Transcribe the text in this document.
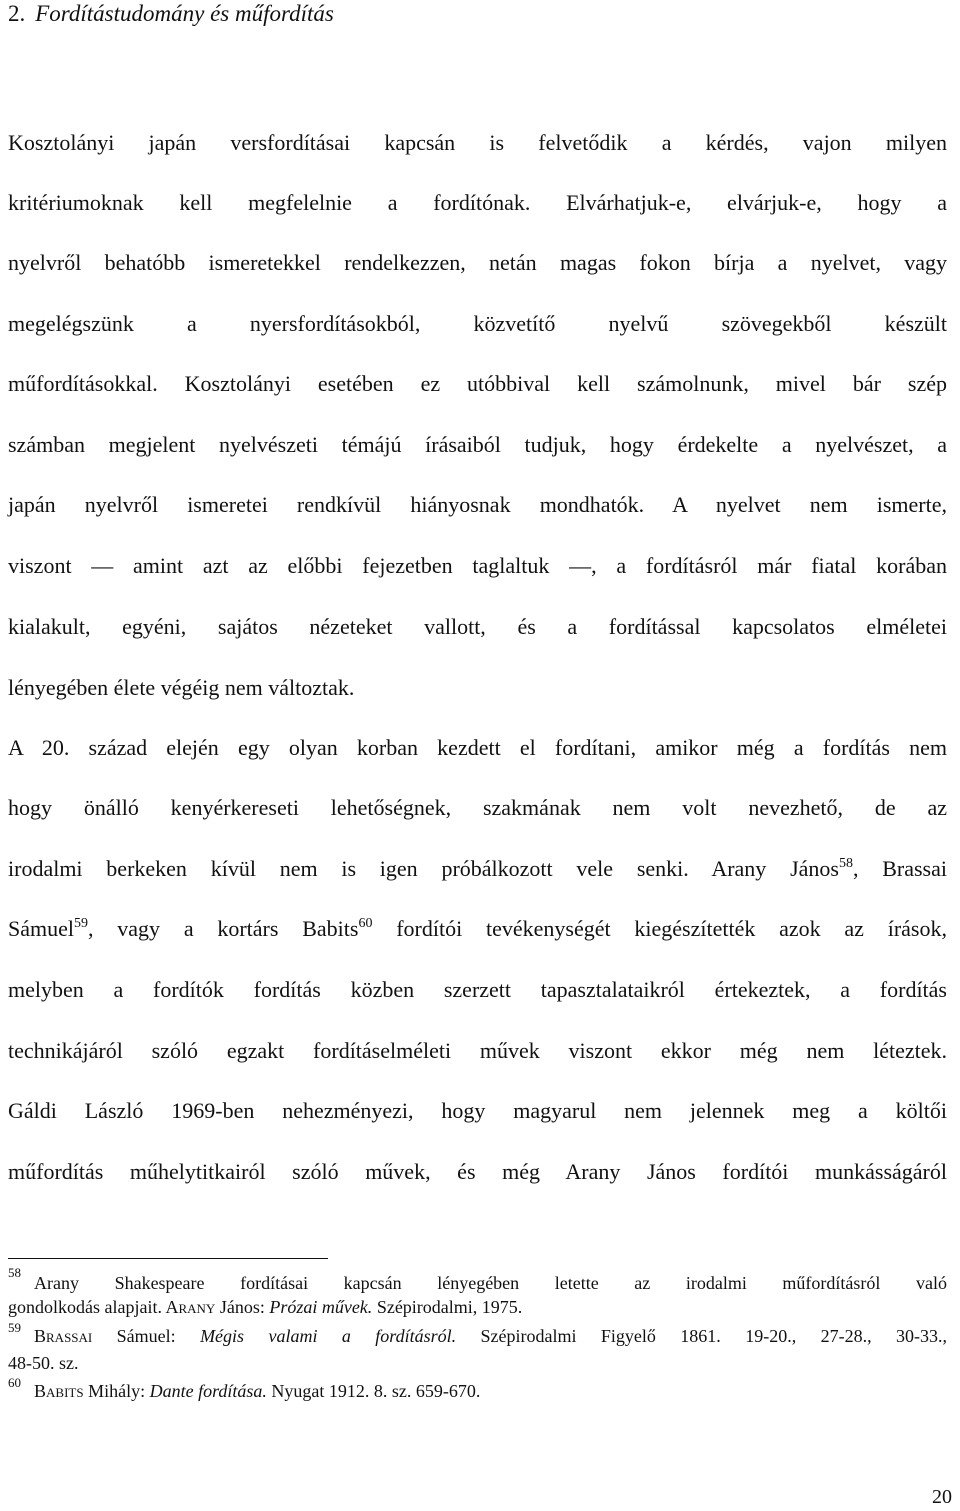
2. Fordítástudomány és műfordítás
Kosztolányi japán versfordításai kapcsán is felvetődik a kérdés, vajon milyen
kritériumoknak kell megfelelnie a fordítónak. Elvárhatjuk-e, elvárjuk-e, hogy a
nyelvről behatóbb ismeretekkel rendelkezzen, netán magas fokon bírja a nyelvet, vagy
megelégszünk a nyersfordításokból, közvetítő nyelvű szövegekből készült
műfordításokkal. Kosztolányi esetében ez utóbbival kell számolnunk, mivel bár szép
számban megjelent nyelvészeti témájú írásaiból tudjuk, hogy érdekelte a nyelvészet, a
japán nyelvről ismeretei rendkívül hiányosnak mondhatók. A nyelvet nem ismerte,
viszont ― amint azt az előbbi fejezetben taglaltuk ―, a fordításról már fiatal korában
kialakult, egyéni, sajátos nézeteket vallott, és a fordítással kapcsolatos elméletei
lényegében élete végéig nem változtak.
A 20. század elején egy olyan korban kezdett el fordítani, amikor még a fordítás nem
hogy önálló kenyérkereseti lehetőségnek, szakmának nem volt nevezhető, de az
irodalmi berkeken kívül nem is igen próbálkozott vele senki. Arany János$^{58}$, Brassai
Sámuel$^{59}$, vagy a kortárs Babits$^{60}$ fordítói tevékenységét kiegészítették azok az írások,
melyben a fordítók fordítás közben szerzett tapasztalataikról értekeztek, a fordítás
technikájáról szóló egzakt fordításelméleti művek viszont ekkor még nem léteztek.
Gáldi László 1969-ben nehezményezi, hogy magyarul nem jelennek meg a költői
műfordítás műhelytitkairól szóló művek, és még Arany János fordítói munkásságáról
58Arany Shakespeare fordításai kapcsán lényegében letette az irodalmi műfordításról való
gondolkodás alapjait. Arany János: Prózai művek. Szépirodalmi, 1975.
59 Brassai Sámuel: Mégis valami a fordításról. Szépirodalmi Figyelő 1861. 19-20., 27-28., 30-33.,
48-50. sz.
60 Babits Mihály: Dante fordítása. Nyugat 1912. 8. sz. 659-670.
20
